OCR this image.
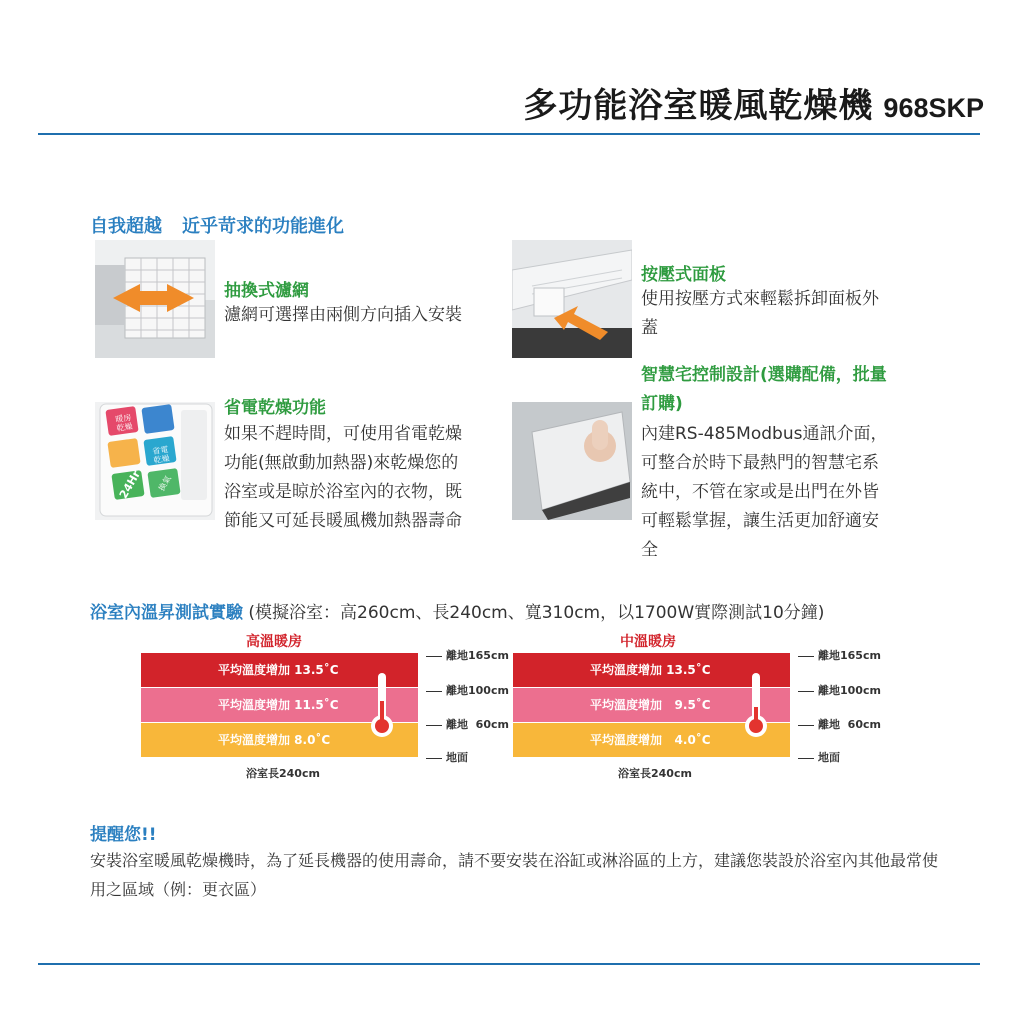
多功能浴室暖風乾燥機 968SKP
自我超越 近乎苛求的功能進化
抽換式濾網
濾網可選擇由兩側方向插入安裝
按壓式面板
使用按壓方式來輕鬆拆卸面板外
蓋
暖房
乾燥
省電
乾燥
24Hr 換氣
省電乾燥功能
如果不趕時間，可使用省電乾燥
功能(無啟動加熱器)來乾燥您的
浴室或是晾於浴室內的衣物，既
節能又可延長暖風機加熱器壽命
智慧宅控制設計(選購配備，批量
訂購)
內建RS-485Modbus通訊介面，
可整合於時下最熱門的智慧宅系
統中，不管在家或是出門在外皆
可輕鬆掌握，讓生活更加舒適安
全
浴室內溫昇測試實驗 (模擬浴室：高260cm、長240cm、寬310cm，以1700W實際測試10分鐘)
高溫暖房
平均溫度增加 13.5˚C
平均溫度增加 11.5˚C
平均溫度增加 8.0˚C
離地165cm
離地100cm
離地  60cm
地面
浴室長240cm
中溫暖房
平均溫度增加 13.5˚C
平均溫度增加   9.5˚C
平均溫度增加   4.0˚C
離地165cm
離地100cm
離地  60cm
地面
浴室長240cm
提醒您!!
安裝浴室暖風乾燥機時，為了延長機器的使用壽命，請不要安裝在浴缸或淋浴區的上方，建議您裝設於浴室內其他最常使用之區域（例：更衣區）
